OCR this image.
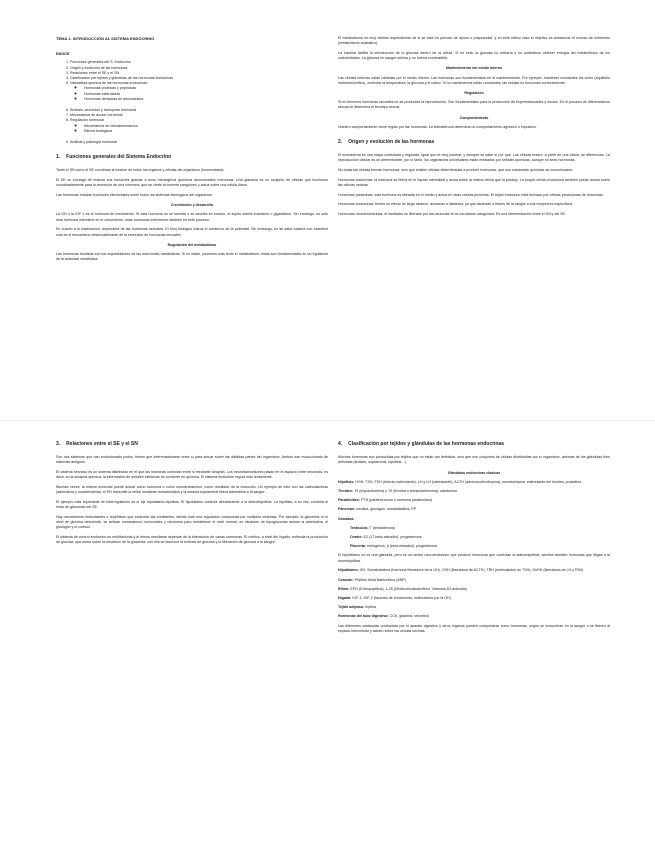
TEMA 1. INTRODUCCIÓN AL SISTEMA ENDOCRINO
ÍNDICE
1. Funciones generales del S. Endocrino
2. Origen y evolución de las hormonas
3. Relaciones entre el SE y el SN
4. Clasificación por tejidos y glándulas de las hormonas endocrinas
5. Naturaleza química de las hormonas endocrinas:
◦ Hormonas proteicas y peptídicas
◦ Hormonas esteroideas
◦ Hormonas derivadas de aminoácidos
6. Síntesis, secreción y transporte hormonal
7. Mecanismos de acción hormonal
8. Regulación hormonal
◦ Mecanismos de retroalimentación
◦ Ritmos biológicos
9. Análisis y patología hormonal
1. Funciones generales del Sistema Endocrino
Tanto el SN como el SE coordinan la función de todos los órganos y células del organismo (homeostasis).
El SE se encarga de realizar sus funciones gracias a unos mensajeros químicos denominados hormonas. Una glándula es un conjunto de células que funcionan coordinadamente para la secreción de una hormona, que se vierte al torrente sanguíneo y actúa sobre una célula diana.
Las hormonas realizan funciones elementales sobre todos los sistemas fisiológicos del organismo.
Crecimiento y desarrollo
La GH o la IGF-1 es la hormona de crecimiento. Si esta hormona no se secreta o se secreta en exceso, el sujeto sufrirá enanismo o gigantismo. Sin embargo, no sólo esta hormona interviene en el crecimiento; otras hormonas intervienen también en este proceso.
En cuanto a la maduración, dependerá de las hormonas sexuales. El reloj biológico marca el comienzo de la pubertad. Sin embargo, no se sabe todavía con exactitud cuál es el mecanismo desencadenante de la secreción de hormonas sexuales.
Regulación del metabolismo
Las hormonas tiroideas son los orquestadores de las reacciones metabólicas. Si no están, ponemos más lento el metabolismo; éstas son fundamentales en la regulación de la actividad metabólica.
El metabolismo es muy distinto dependiendo de si se está en período de ayuno o posprandial, y en este último caso el objetivo es almacenar el exceso de nutrientes (metabolismo anabólico).
La insulina facilita la introducción de la glucosa dentro de la célula. Si no está, la glucosa no entraría y no podríamos obtener energía del metabolismo de los carbohidratos. La glucosa en sangre subiría y no habría combustible.
Mantenimiento del medio interno
Las células internas están bañadas por el medio interno. Las hormonas son fundamentales en el mantenimiento. Por ejemplo, mantener constantes los iones (equilibrio hidroelectrolítico), controlar la temperatura, la glucosa y el calcio. Si no mantenemos estas constantes, las células no funcionan correctamente.
Regulación
Si no tenemos hormonas sexuales no se produciría la reproducción. Son fundamentales para la producción de espermatozoides y óvulos. En el proceso de diferenciación sexual se determina el fenotipo sexual.
Comportamiento
Nuestro comportamiento viene regido por las hormonas. La testosterona determina un comportamiento agresivo o impulsivo.
2. Origen y evolución de las hormonas
El ecosistema es una etapa controlada y regulada, igual que el reloj puberal, y siempre se sabe el por qué. Las células madre, a partir de una célula, se diferencian. La reproducción celular es un determinante, por lo tanto, los organismos unicelulares están mediados por señales químicas, aunque no sean hormonas.
No todas las células forman hormonas, sino que existen células determinadas a producir hormonas, que son sustancias químicas de comunicación.
Hormonas autocrinas: la hormona se libera en el líquido intersticial y actúa sobre la misma célula que la produjo. La propia célula productora también puede actuar sobre las células vecinas.
Hormonas paracrinas: esta hormona es liberada en el medio y actúa en otras células próximas. El tejido endocrino está formado por células productoras de hormonas.
Hormonas endocrinas: tienen un efecto de largo alcance, actuando a distancia, ya que alcanzan a través de la sangre a sus receptores específicos.
Hormonas neuroendocrinas: el mediador es liberado por las neuronas en la circulación sanguínea. Es una intermediación entre el SN y del SE.
3. Relaciones entre el SE y el SN
Son dos sistemas que han evolucionado juntos, tienen que interrelacionarse entre sí para actuar sobre las distintas partes del organismo. Ambos han evolucionado de sistemas antiguos.
El sistema nervioso es un sistema distribuido en el que las neuronas conectan entre sí mediante sinapsis. Los neurotransmisores pasan en el espacio entre neuronas, es decir, en la sinapsis química; la información de señales eléctricas se convierte en química. El sistema endocrino regula más lentamente.
Muchas veces, la misma molécula puede actuar como hormona o como neurotransmisor, como resultado de la evolución. Un ejemplo de esto son las catecolaminas (adrenalina y noradrenalina): el SN transmite la señal mediante noradrenalina y la médula suprarrenal libera adrenalina a la sangre.
El ejemplo más importante de interregulación es el eje hipotálamo-hipófisis. El hipotálamo controla directamente a la adenohipófisis. La hipófisis, a su vez, controla el resto de glándulas del SE.
Hay mecanismos redundantes o repetitivos que controlan las constantes, siendo éste una regulación compuesta por múltiples sistemas. Por ejemplo, la glucemia: si el nivel de glucosa desciende, se activan mecanismos hormonales y nerviosos para restablecer el nivel normal; en situación de hipoglucemia actúan la adrenalina, el glucagón y el cortisol.
El sistema de control endocrino es multifactorial y el efecto resultante depende de la interacción de varias hormonas. El cortisol, a nivel del hígado, estimula la producción de glucosa, que actúa sobre la elevación de la glucemia; con ello se favorece la síntesis de glucosa y la liberación de glucosa a la sangre.
4. Clasificación por tejidos y glándulas de las hormonas endocrinas
Muchas hormonas son producidas por tejidos que no están tan definidos, sino que son conjuntos de células distribuidas por el organismo, además de las glándulas bien definidas (tiroides, suprarrenal, hipófisis…).
Glándulas endocrinas clásicas
Hipófisis: HGH, TSH, FSH (folículo estimulante), LH y LH (luteinizante), ACTH (adrenocorticotropina), somatotropina, estimulante del tiroides, prolactina
Tiroides: T3 (triyodotironina) y T4 (tiroxina o tetrayodotironina), calcitonina
Paratiroides: PTH (parathormona u hormona paratiroidea)
Páncreas: insulina, glucagón, somatostatina, PP
Gónadas:
Testículos: T (testosterona)
Ovario: E2 (17-beta-estradiol), progesterona
Placenta: estrógenos, β (beta-estradiol), progesterona
El hipotálamo no es una glándula, pero es un centro neuroendocrino que produce hormonas que controlan la adenohipófisis; secreta también hormonas que llegan a la neurohipófisis.
Hipotálamo: GH, Somatostatina (hormona liberadora de la GH), CRH (liberadora de ACTH), TRH (estimulación de TSH), GnRH (liberadora de LH y FSH)
Corazón: Péptido Atrial Natriurético (ANP)
Riñón: EPO (Eritropoyetina), 1-25 (Dihidroxicolecalciferol, Vitamina D3 activada)
Hígado: IGF-1, IGF-2 (factores de crecimiento, estimulados por la GH)
Tejido adiposo: leptina
Hormonas del tubo digestivo: CCK, gastrina, secretina
Las diferentes sustancias producidas por el aparato digestivo y otros órganos pueden comportarse como hormonas, según se encuentran en la sangre o se liberen al espacio intercelular y actúen sobre las células vecinas.
